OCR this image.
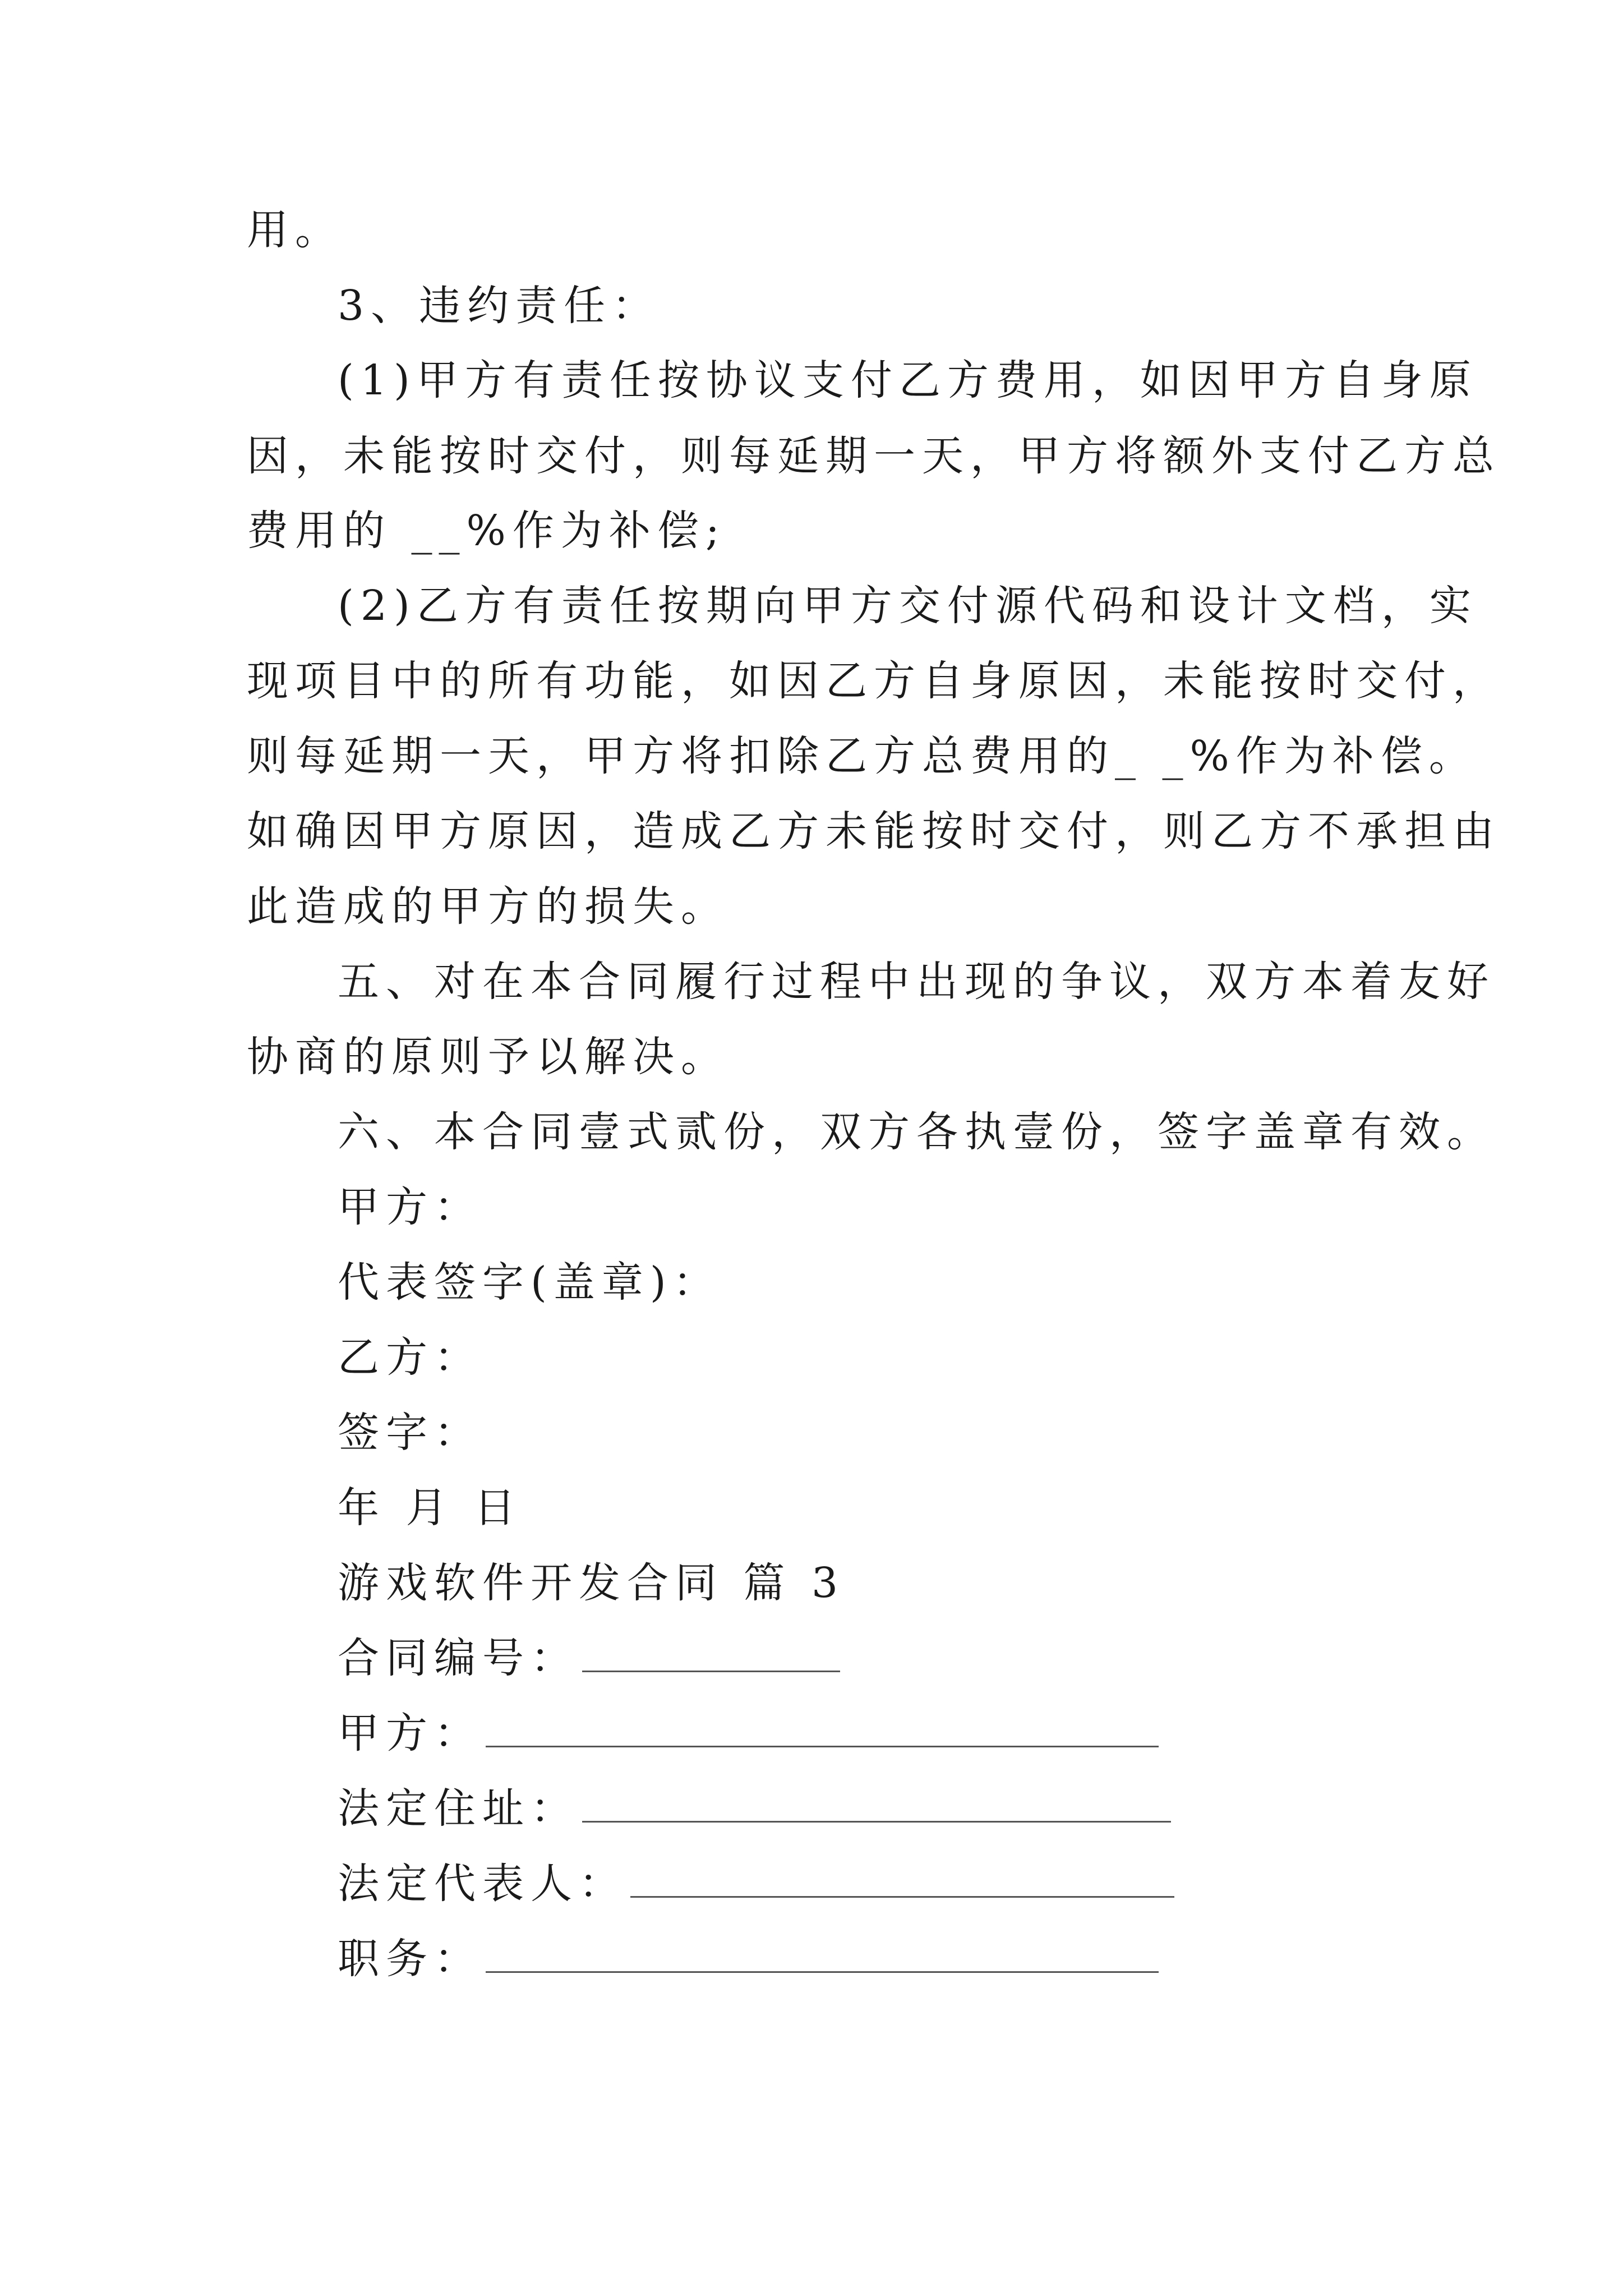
用。
3、违约责任：
(1)甲方有责任按协议支付乙方费用，如因甲方自身原
因，未能按时交付，则每延期一天，甲方将额外支付乙方总
费用的 __%作为补偿;
(2)乙方有责任按期向甲方交付源代码和设计文档，实
现项目中的所有功能，如因乙方自身原因，未能按时交付，
则每延期一天，甲方将扣除乙方总费用的_ _%作为补偿。
如确因甲方原因，造成乙方未能按时交付，则乙方不承担由
此造成的甲方的损失。
五、对在本合同履行过程中出现的争议，双方本着友好
协商的原则予以解决。
六、本合同壹式贰份，双方各执壹份，签字盖章有效。
甲方：
代表签字(盖章)：
乙方：
签字：
年 月 日
游戏软件开发合同 篇 3
合同编号：
甲方：
法定住址：
法定代表人：
职务：
